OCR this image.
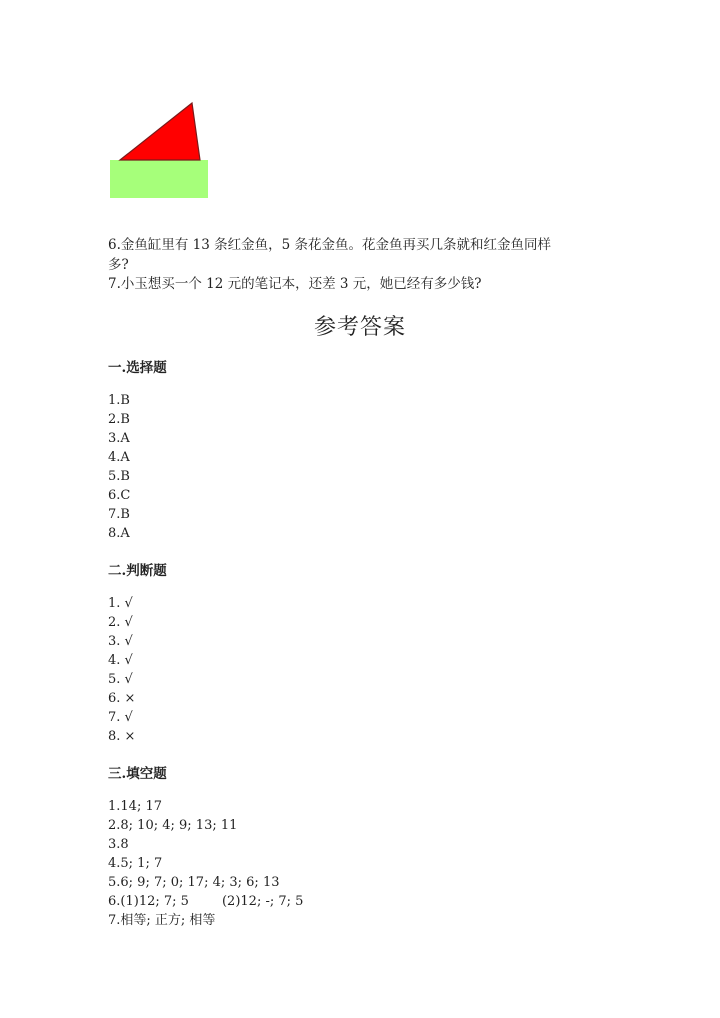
6.金鱼缸里有 13 条红金鱼，5 条花金鱼。花金鱼再买几条就和红金鱼同样
多?
7.小玉想买一个 12 元的笔记本，还差 3 元，她已经有多少钱?
参考答案
一.选择题
1.B
2.B
3.A
4.A
5.B
6.C
7.B
8.A
二.判断题
1. √
2. √
3. √
4. √
5. √
6. ×
7. √
8. ×
三.填空题
1.14; 17
2.8; 10; 4; 9; 13; 11
3.8
4.5; 1; 7
5.6; 9; 7; 0; 17; 4; 3; 6; 13
6.(1)12; 7; 5        (2)12; -; 7; 5
7.相等; 正方; 相等
